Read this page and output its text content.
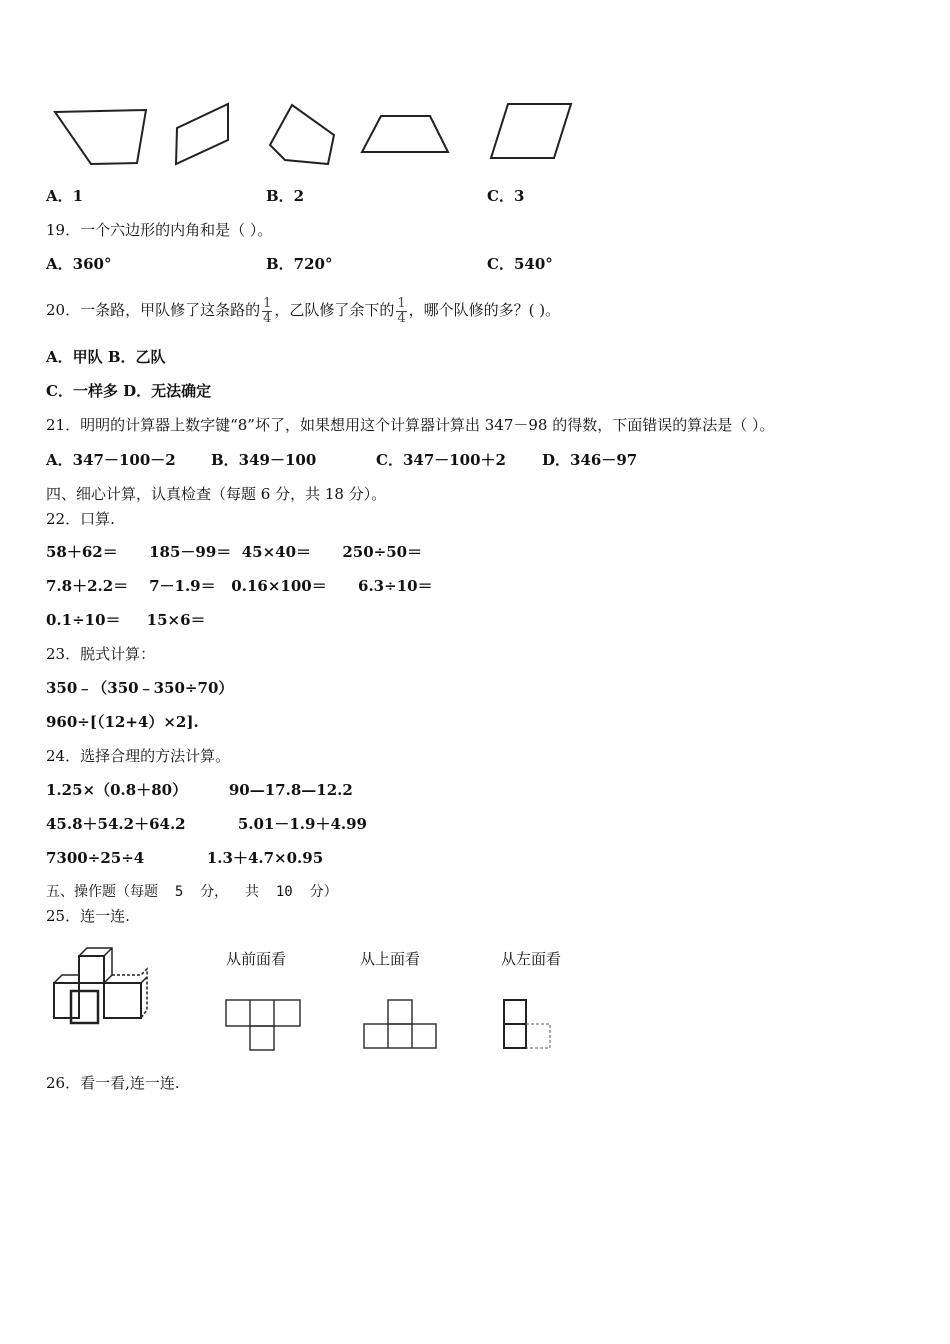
A．1	B．2	C．3
19．一个六边形的内角和是（ ）。
A．360°	B．720°	C．540°
20．一条路，甲队修了这条路的 $\frac{1}{4}$ ，乙队修了余下的 $\frac{1}{4}$ ，哪个队修的多？( )。
A．甲队 B．乙队
C．一样多 D．无法确定
21．明明的计算器上数字键“8”坏了，如果想用这个计算器计算出 347－98 的得数，下面错误的算法是（ ）。
A．347－100－2 B．349－100	C．347－100＋2 D．346－97
四、细心计算，认真检查（每题 6 分，共 18 分）。
22．口算.
58＋62＝      185－99＝  45×40＝      250÷50＝
7.8＋2.2＝    7－1.9＝   0.16×100＝      6.3÷10＝
0.1÷10＝     15×6＝
23．脱式计算：
350﹣（350﹣350÷70）
960÷[（12+4）×2].
24．选择合理的方法计算。
1.25×（0.8＋80）        90—17.8—12.2
45.8＋54.2＋64.2          5.01－1.9＋4.99
7300÷25÷4            1.3＋4.7×0.95
五、操作题（每题  5  分，  共  10  分）
25．连一连.
从前面看	从上面看	从左面看
26．看一看,连一连.
